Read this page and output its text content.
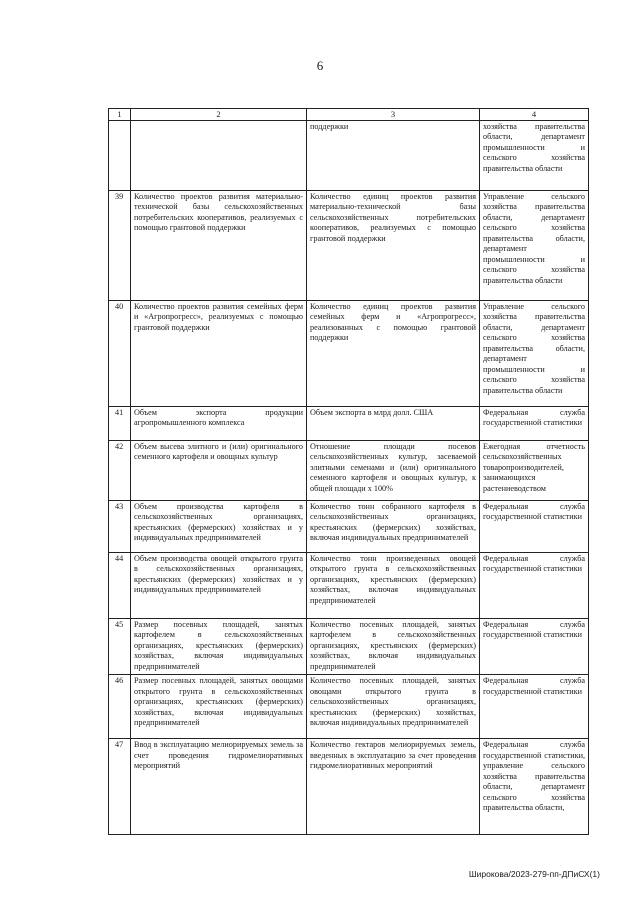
6
1	2	3	4
		поддержки	хозяйства правительства области, департамент промышленности и сельского хозяйства правительства области
39	Количество проектов развития материально-технической базы сельскохозяйственных потребительских кооперативов, реализуемых с помощью грантовой поддержки	Количество единиц проектов развития материально-технической базы сельскохозяйственных потребительских кооперативов, реализуемых с помощью грантовой поддержки	Управление сельского хозяйства правительства области, департамент сельского хозяйства правительства области, департамент промышленности и сельского хозяйства правительства области
40	Количество проектов развития семейных ферм и «Агропрогресс», реализуемых с помощью грантовой поддержки	Количество единиц проектов развития семейных ферм и «Агропрогресс», реализованных с помощью грантовой поддержки	Управление сельского хозяйства правительства области, департамент сельского хозяйства правительства области, департамент промышленности и сельского хозяйства правительства области
41	Объем экспорта продукции агропромышленного комплекса	Объем экспорта в млрд долл. США	Федеральная служба государственной статистики
42	Объем высева элитного и (или) оригинального семенного картофеля и овощных культур	Отношение площади посевов сельскохозяйственных культур, засеваемой элитными семенами и (или) оригинального семенного картофеля и овощных культур, к общей площади х 100%	Ежегодная отчетность сельскохозяйственных товаропроизводителей, занимающихся растениеводством
43	Объем производства картофеля в сельскохозяйственных организациях, крестьянских (фермерских) хозяйствах и у индивидуальных предпринимателей	Количество тонн собранного картофеля в сельскохозяйственных организациях, крестьянских (фермерских) хозяйствах, включая индивидуальных предпринимателей	Федеральная служба государственной статистики
44	Объем производства овощей открытого грунта в сельскохозяйственных организациях, крестьянских (фермерских) хозяйствах и у индивидуальных предпринимателей	Количество тонн произведенных овощей открытого грунта в сельскохозяйственных организациях, крестьянских (фермерских) хозяйствах, включая индивидуальных предпринимателей	Федеральная служба государственной статистики
45	Размер посевных площадей, занятых картофелем в сельскохозяйственных организациях, крестьянских (фермерских) хозяйствах, включая индивидуальных предпринимателей	Количество посевных площадей, занятых картофелем в сельскохозяйственных организациях, крестьянских (фермерских) хозяйствах, включая индивидуальных предпринимателей	Федеральная служба государственной статистики
46	Размер посевных площадей, занятых овощами открытого грунта в сельскохозяйственных организациях, крестьянских (фермерских) хозяйствах, включая индивидуальных предпринимателей	Количество посевных площадей, занятых овощами открытого грунта в сельскохозяйственных организациях, крестьянских (фермерских) хозяйствах, включая индивидуальных предпринимателей	Федеральная служба государственной статистики
47	Ввод в эксплуатацию мелиорируемых земель за счет проведения гидромелиоративных мероприятий	Количество гектаров мелиорируемых земель, введенных в эксплуатацию за счет проведения гидромелиоративных мероприятий	Федеральная служба государственной статистики, управление сельского хозяйства правительства области, департамент сельского хозяйства правительства области,
Широкова/2023-279-пп-ДПиСХ(1)
